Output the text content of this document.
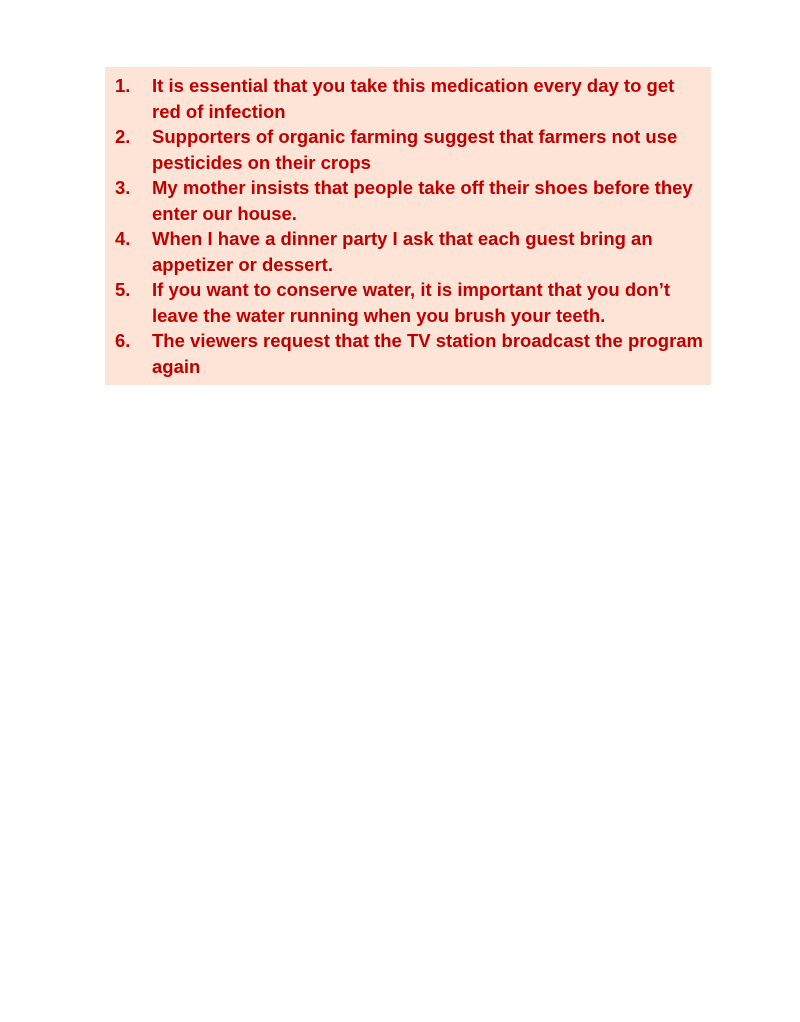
1.	It is essential that you take this medication every day to get red of infection
2.	Supporters of organic farming suggest that farmers not use pesticides on their crops
3.	My mother insists that people take off their shoes before they enter our house.
4.	When I have a dinner party I ask that each guest bring an appetizer or dessert.
5.	If you want to conserve water, it is important that you don’t leave the water running when you brush your teeth.
6.	The viewers request that the TV station broadcast the program again
